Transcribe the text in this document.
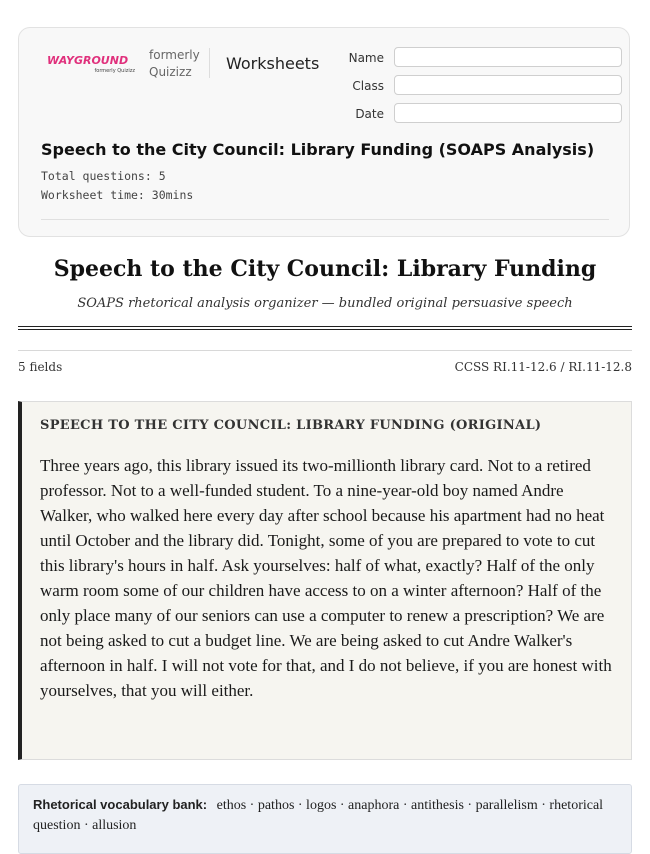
WAYGROUND
formerly Quizizz
formerly Quizizz	Worksheets	Name
Class
Date
Speech to the City Council: Library Funding (SOAPS Analysis)
Total questions: 5
Worksheet time: 30mins
Speech to the City Council: Library Funding
SOAPS rhetorical analysis organizer — bundled original persuasive speech
5 fields	CCSS RI.11-12.6 / RI.11-12.8
SPEECH TO THE CITY COUNCIL: LIBRARY FUNDING (ORIGINAL)

Three years ago, this library issued its two-millionth library card. Not to a retired professor. Not to a well-funded student. To a nine-year-old boy named Andre Walker, who walked here every day after school because his apartment had no heat until October and the library did. Tonight, some of you are prepared to vote to cut this library's hours in half. Ask yourselves: half of what, exactly? Half of the only warm room some of our children have access to on a winter afternoon? Half of the only place many of our seniors can use a computer to renew a prescription? We are not being asked to cut a budget line. We are being asked to cut Andre Walker's afternoon in half. I will not vote for that, and I do not believe, if you are honest with yourselves, that you will either.

Rhetorical vocabulary bank: ethos · pathos · logos · anaphora · antithesis · parallelism · rhetorical question · allusion
